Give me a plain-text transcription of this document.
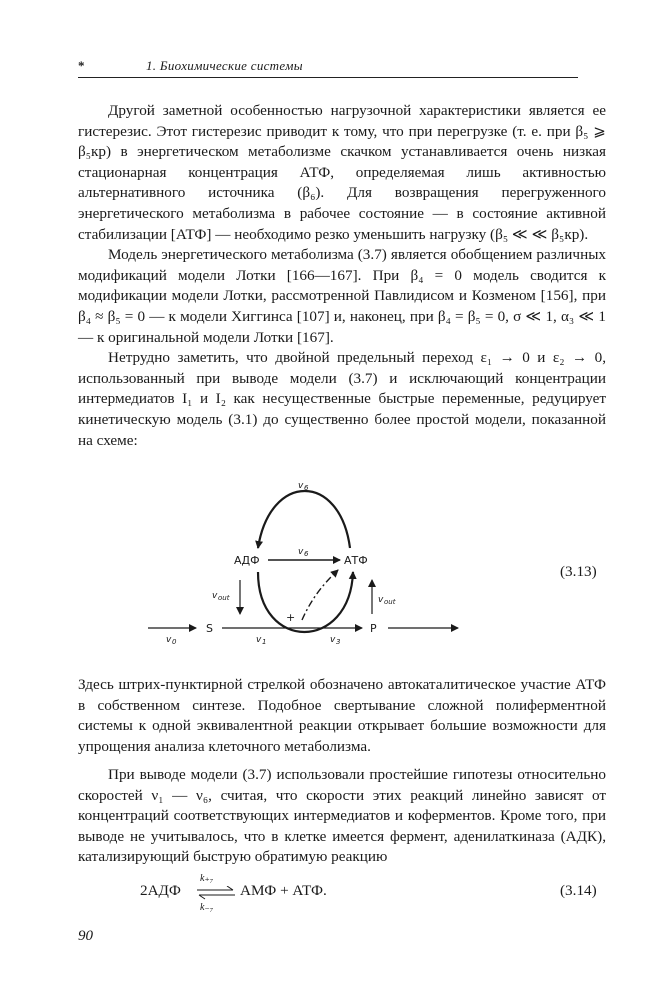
*	1. Биохимические системы

Другой заметной особенностью нагрузочной характеристики является ее гистерезис. Этот гистерезис приводит к тому, что при перегрузке (т. е. при β₅ ⩾ β₅кр) в энергетическом метаболизме скачком устанавливается очень низкая стационарная концентрация АТФ, определяемая лишь активностью альтернативного источника (β₆). Для возвращения перегруженного энергетического метаболизма в рабочее состояние — в состояние активной стабилизации [АТФ] — необходимо резко уменьшить нагрузку (β₅ ≪ ≪ β₅кр).

Модель энергетического метаболизма (3.7) является обобщением различных модификаций модели Лотки [166—167]. При β₄ = 0 модель сводится к модификации модели Лотки, рассмотренной Павлидисом и Козменом [156], при β₄ ≈ β₅ = 0 — к модели Хиггинса [107] и, наконец, при β₄ = β₅ = 0, σ ≪ 1, α₃ ≪ 1 — к оригинальной модели Лотки [167].

Нетрудно заметить, что двойной предельный переход ε₁ → 0 и ε₂ → 0, использованный при выводе модели (3.7) и исключающий концентрации интермедиатов I₁ и I₂ как несущественные быстрые переменные, редуцирует кинетическую модель (3.1) до существенно более простой модели, показанной на схеме:

АДФ	АТФ
S	P
+
v 6
v 6
v out	v out
v 0	v 1	v 3
(3.13)

Здесь штрих-пунктирной стрелкой обозначено автокаталитическое участие АТФ в собственном синтезе. Подобное свертывание сложной полиферментной системы к одной эквивалентной реакции открывает большие возможности для упрощения анализа клеточного метаболизма.

При выводе модели (3.7) использовали простейшие гипотезы относительно скоростей ν₁ — ν₆, считая, что скорости этих реакций линейно зависят от концентраций соответствующих интермедиатов и коферментов. Кроме того, при выводе не учитывалось, что в клетке имеется фермент, аденилаткиназа (АДК), катализирующий быструю обратимую реакцию

2АДФ
k₊₇
k₋₇
АМФ + АТФ.	(3.14)
90
